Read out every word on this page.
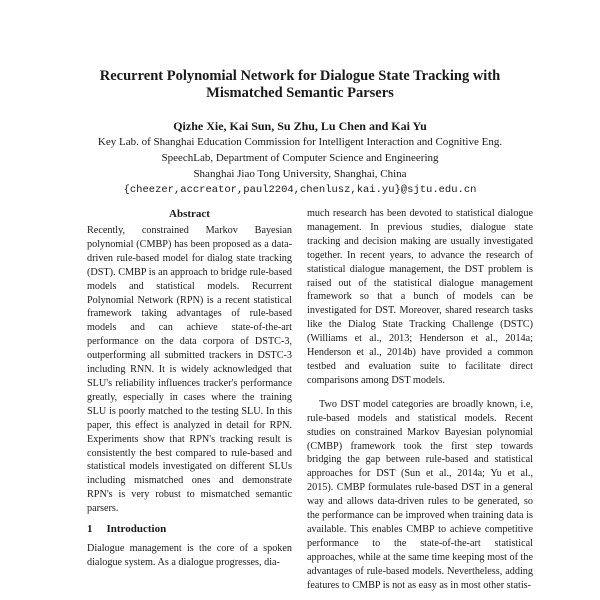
Recurrent Polynomial Network for Dialogue State Tracking with Mismatched Semantic Parsers
Qizhe Xie, Kai Sun, Su Zhu, Lu Chen and Kai Yu
Key Lab. of Shanghai Education Commission for Intelligent Interaction and Cognitive Eng.
SpeechLab, Department of Computer Science and Engineering
Shanghai Jiao Tong University, Shanghai, China
{cheezer,accreator,paul2204,chenlusz,kai.yu}@sjtu.edu.cn
Abstract
Recently, constrained Markov Bayesian polynomial (CMBP) has been proposed as a data-driven rule-based model for dialog state tracking (DST). CMBP is an approach to bridge rule-based models and statistical models. Recurrent Polynomial Network (RPN) is a recent statistical framework taking advantages of rule-based models and can achieve state-of-the-art performance on the data corpora of DSTC-3, outperforming all submitted trackers in DSTC-3 including RNN. It is widely acknowledged that SLU's reliability influences tracker's performance greatly, especially in cases where the training SLU is poorly matched to the testing SLU. In this paper, this effect is analyzed in detail for RPN. Experiments show that RPN's tracking result is consistently the best compared to rule-based and statistical models investigated on different SLUs including mismatched ones and demonstrate RPN's is very robust to mismatched semantic parsers.
1 Introduction
Dialogue management is the core of a spoken dialogue system. As a dialogue progresses, dia-
much research has been devoted to statistical dialogue management. In previous studies, dialogue state tracking and decision making are usually investigated together. In recent years, to advance the research of statistical dialogue management, the DST problem is raised out of the statistical dialogue management framework so that a bunch of models can be investigated for DST. Moreover, shared research tasks like the Dialog State Tracking Challenge (DSTC) (Williams et al., 2013; Henderson et al., 2014a; Henderson et al., 2014b) have provided a common testbed and evaluation suite to facilitate direct comparisons among DST models.
Two DST model categories are broadly known, i.e, rule-based models and statistical models. Recent studies on constrained Markov Bayesian polynomial (CMBP) framework took the first step towards bridging the gap between rule-based and statistical approaches for DST (Sun et al., 2014a; Yu et al., 2015). CMBP formulates rule-based DST in a general way and allows data-driven rules to be generated, so the performance can be improved when training data is available. This enables CMBP to achieve competitive performance to the state-of-the-art statistical approaches, while at the same time keeping most of the advantages of rule-based models. Nevertheless, adding features to CMBP is not as easy as in most other statis-
